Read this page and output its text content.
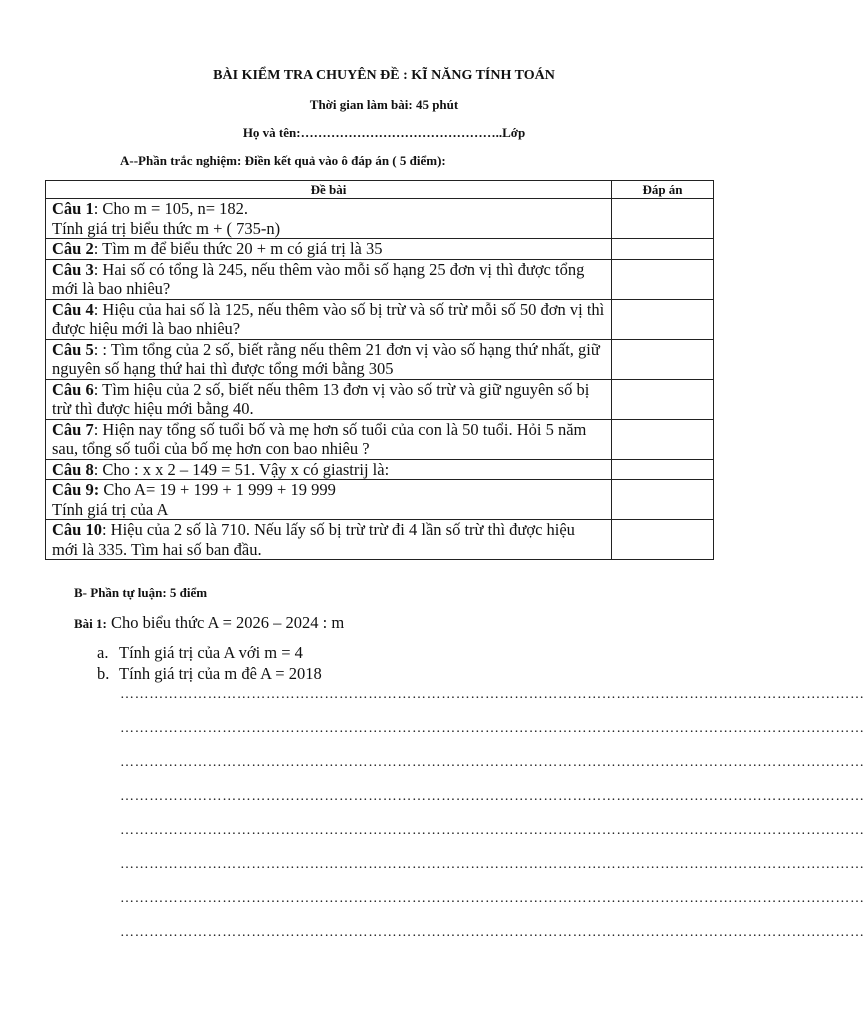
BÀI KIỂM TRA CHUYÊN ĐỀ : KĨ NĂNG TÍNH TOÁN
Thời gian làm bài: 45 phút
Họ và tên:………………………………………..Lớp
A--Phần trắc nghiệm: Điền kết quả vào ô đáp án ( 5 điểm):
Đề bài	Đáp án
Câu 1: Cho m = 105, n= 182.
Tính giá trị biểu thức m + ( 735-n)	
Câu 2: Tìm m để biểu thức 20 + m có giá trị là 35	
Câu 3: Hai số có tổng là 245, nếu thêm vào mỗi số hạng 25 đơn vị thì được tổng mới là bao nhiêu?	
Câu 4: Hiệu của hai số là 125, nếu thêm vào số bị trừ và số trừ mỗi số 50 đơn vị thì được hiệu mới là bao nhiêu?	
Câu 5: : Tìm tổng của 2 số, biết rằng nếu thêm 21 đơn vị vào số hạng thứ nhất, giữ nguyên số hạng thứ hai thì được tổng mới bằng 305	
Câu 6: Tìm hiệu của 2 số, biết nếu thêm 13 đơn vị vào số trừ và giữ nguyên số bị trừ thì được hiệu mới bằng 40.	
Câu 7: Hiện nay tổng số tuổi bố và mẹ hơn số tuổi của con là 50 tuổi. Hỏi 5 năm sau, tổng số tuổi của bố mẹ hơn con bao nhiêu ?	
Câu 8: Cho : x x 2 – 149 = 51. Vậy x có giastrij là:	
Câu 9: Cho A= 19 + 199 + 1 999 + 19 999
Tính giá trị của A	
Câu 10: Hiệu của 2 số là 710. Nếu lấy số bị trừ trừ đi 4 lần số trừ thì được hiệu mới là 335. Tìm hai số ban đầu.	
B- Phần tự luận: 5 điểm
Bài 1: Cho biểu thức A = 2026 – 2024 : m
a. Tính giá trị của A với m = 4
b. Tính giá trị của m đê A = 2018
………………………………………………………………………………………………………………………………………
………………………………………………………………………………………………………………………………………
………………………………………………………………………………………………………………………………………
………………………………………………………………………………………………………………………………………
………………………………………………………………………………………………………………………………………
………………………………………………………………………………………………………………………………………
………………………………………………………………………………………………………………………………………
………………………………………………………………………………………………………………………………………
